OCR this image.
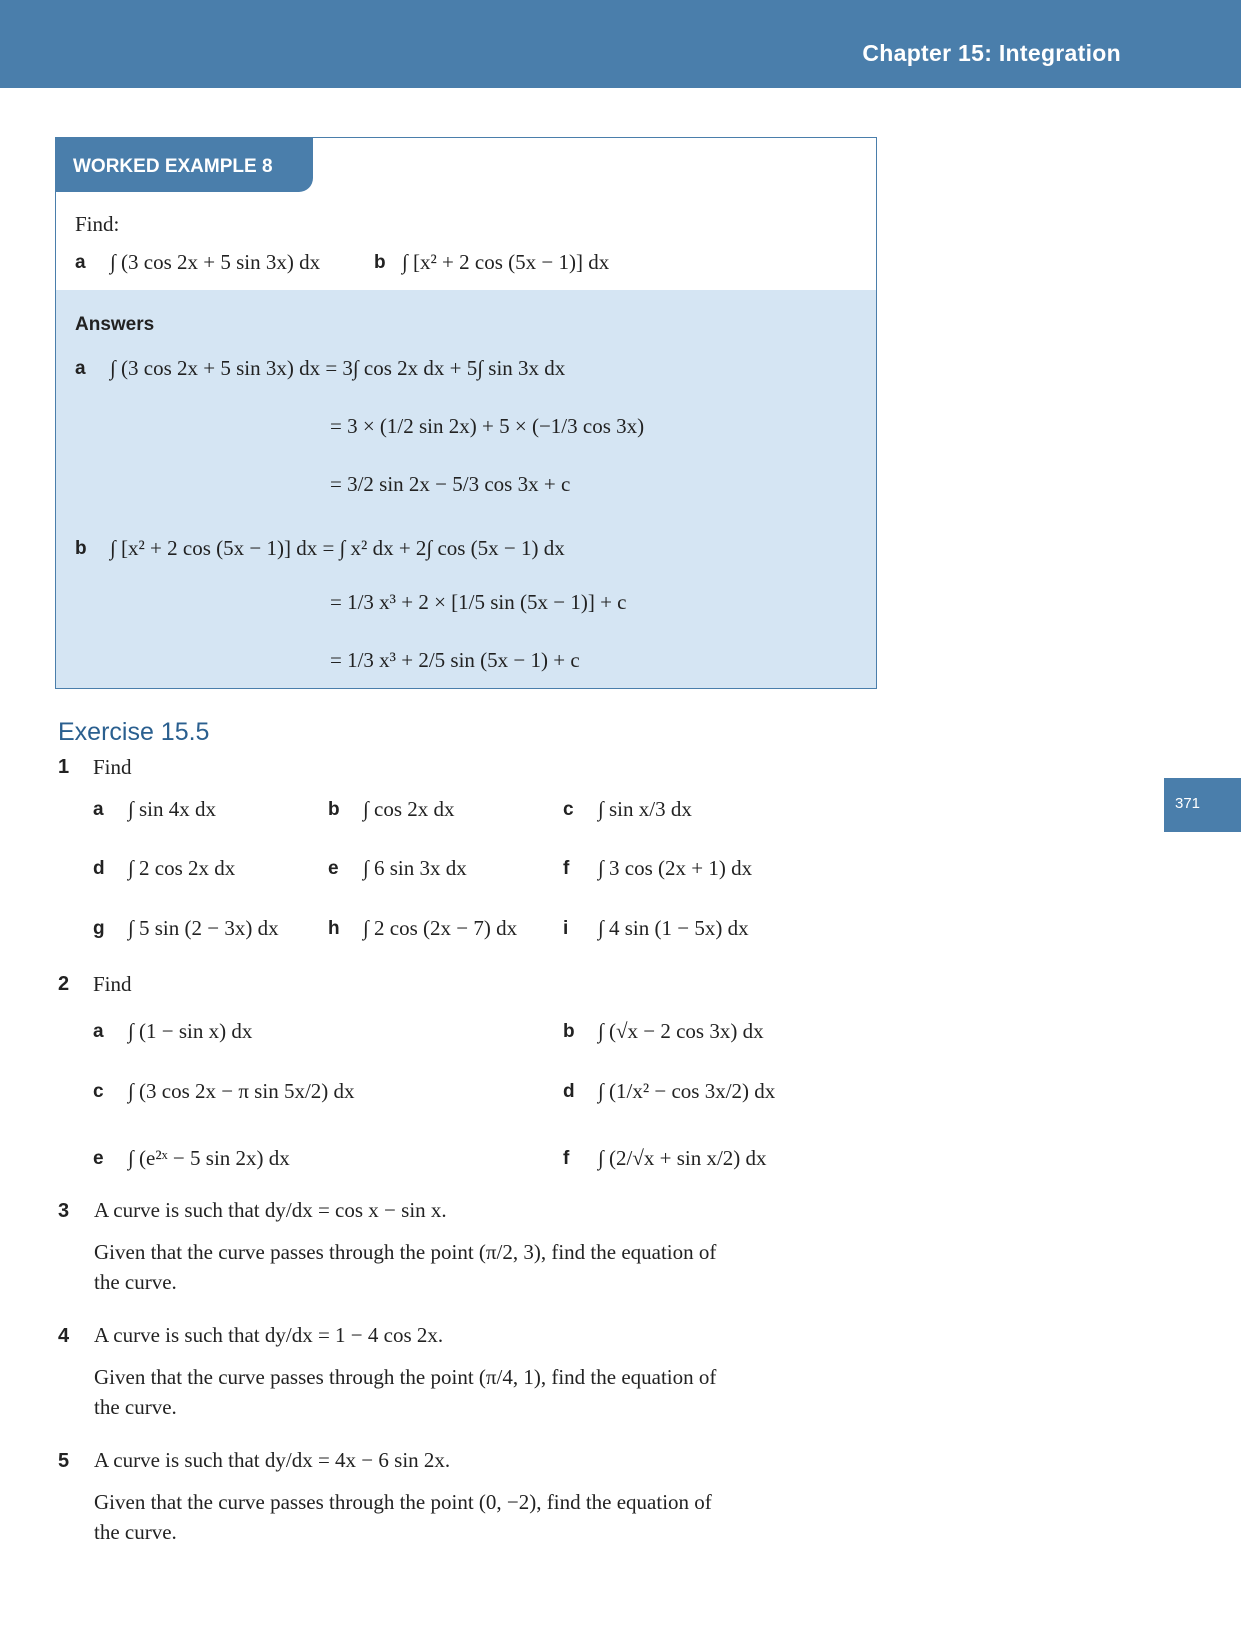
Chapter 15: Integration
371
WORKED EXAMPLE 8
Find:
a ∫ (3 cos 2x + 5 sin 3x) dx	b ∫ [x² + 2 cos (5x − 1)] dx
Answers
a ∫ (3 cos 2x + 5 sin 3x) dx = 3∫ cos 2x dx + 5∫ sin 3x dx
= 3 × (1/2 sin 2x) + 5 × (−1/3 cos 3x)
= 3/2 sin 2x − 5/3 cos 3x + c
b ∫ [x² + 2 cos (5x − 1)] dx = ∫ x² dx + 2∫ cos (5x − 1) dx
= 1/3 x³ + 2 × [1/5 sin (5x − 1)] + c
= 1/3 x³ + 2/5 sin (5x − 1) + c
Exercise 15.5
1 Find
a ∫ sin 4x dx	b ∫ cos 2x dx	c ∫ sin x/3 dx
d ∫ 2 cos 2x dx	e ∫ 6 sin 3x dx	f ∫ 3 cos (2x + 1) dx
g ∫ 5 sin (2 − 3x) dx	h ∫ 2 cos (2x − 7) dx i ∫ 4 sin (1 − 5x) dx
2 Find
a ∫ (1 − sin x) dx	b ∫ (√x − 2 cos 3x) dx
c ∫ (3 cos 2x − π sin 5x/2) dx	d ∫ (1/x² − cos 3x/2) dx
e ∫ (e²ˣ − 5 sin 2x) dx	f ∫ (2/√x + sin x/2) dx
3 A curve is such that dy/dx = cos x − sin x.
Given that the curve passes through the point (π/2, 3), find the equation of
the curve.
4 A curve is such that dy/dx = 1 − 4 cos 2x.
Given that the curve passes through the point (π/4, 1), find the equation of
the curve.
5 A curve is such that dy/dx = 4x − 6 sin 2x.
Given that the curve passes through the point (0, −2), find the equation of
the curve.
